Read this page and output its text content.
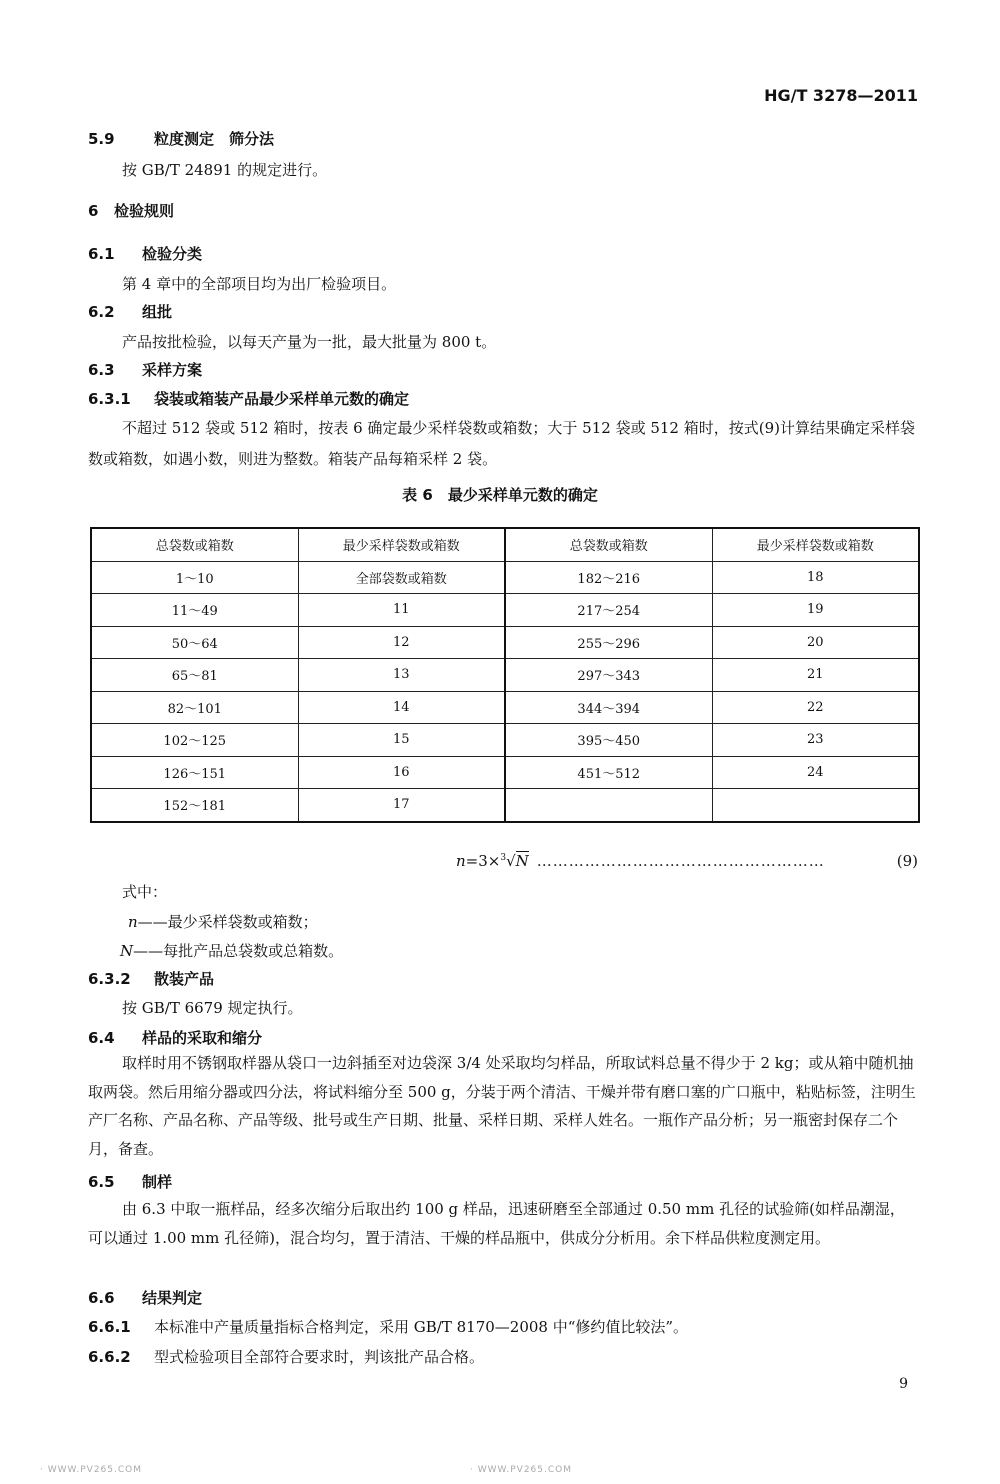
HG/T 3278—2011
5.9	粒度测定　筛分法
按 GB/T 24891 的规定进行。
6 检验规则
6.1 检验分类
第 4 章中的全部项目均为出厂检验项目。
6.2 组批
产品按批检验，以每天产量为一批，最大批量为 800 t。
6.3 采样方案
6.3.1 袋装或箱装产品最少采样单元数的确定
不超过 512 袋或 512 箱时，按表 6 确定最少采样袋数或箱数；大于 512 袋或 512 箱时，按式(9)计算结果确定采样袋数或箱数，如遇小数，则进为整数。箱装产品每箱采样 2 袋。
表 6　最少采样单元数的确定
总袋数或箱数	最少采样袋数或箱数	总袋数或箱数	最少采样袋数或箱数
1～10	全部袋数或箱数	182～216	18
11～49	11	217～254	19
50～64	12	255～296	20
65～81	13	297～343	21
82～101	14	344～394	22
102～125	15	395～450	23
126～151	16	451～512	24
152～181	17		
n=3×$^3$√N ………………………………………………	(9)
式中：
n——最少采样袋数或箱数；
N——每批产品总袋数或总箱数。
6.3.2 散装产品
按 GB/T 6679 规定执行。
6.4 样品的采取和缩分
取样时用不锈钢取样器从袋口一边斜插至对边袋深 3/4 处采取均匀样品，所取试料总量不得少于 2 kg；或从箱中随机抽取两袋。然后用缩分器或四分法，将试料缩分至 500 g，分装于两个清洁、干燥并带有磨口塞的广口瓶中，粘贴标签，注明生产厂名称、产品名称、产品等级、批号或生产日期、批量、采样日期、采样人姓名。一瓶作产品分析；另一瓶密封保存二个月，备查。
6.5 制样
由 6.3 中取一瓶样品，经多次缩分后取出约 100 g 样品，迅速研磨至全部通过 0.50 mm 孔径的试验筛(如样品潮湿，可以通过 1.00 mm 孔径筛)，混合均匀，置于清洁、干燥的样品瓶中，供成分分析用。余下样品供粒度测定用。
6.6 结果判定
6.6.1 本标准中产量质量指标合格判定，采用 GB/T 8170—2008 中“修约值比较法”。
6.6.2 型式检验项目全部符合要求时，判该批产品合格。
9
· WWW.PV265.COM	· WWW.PV265.COM
